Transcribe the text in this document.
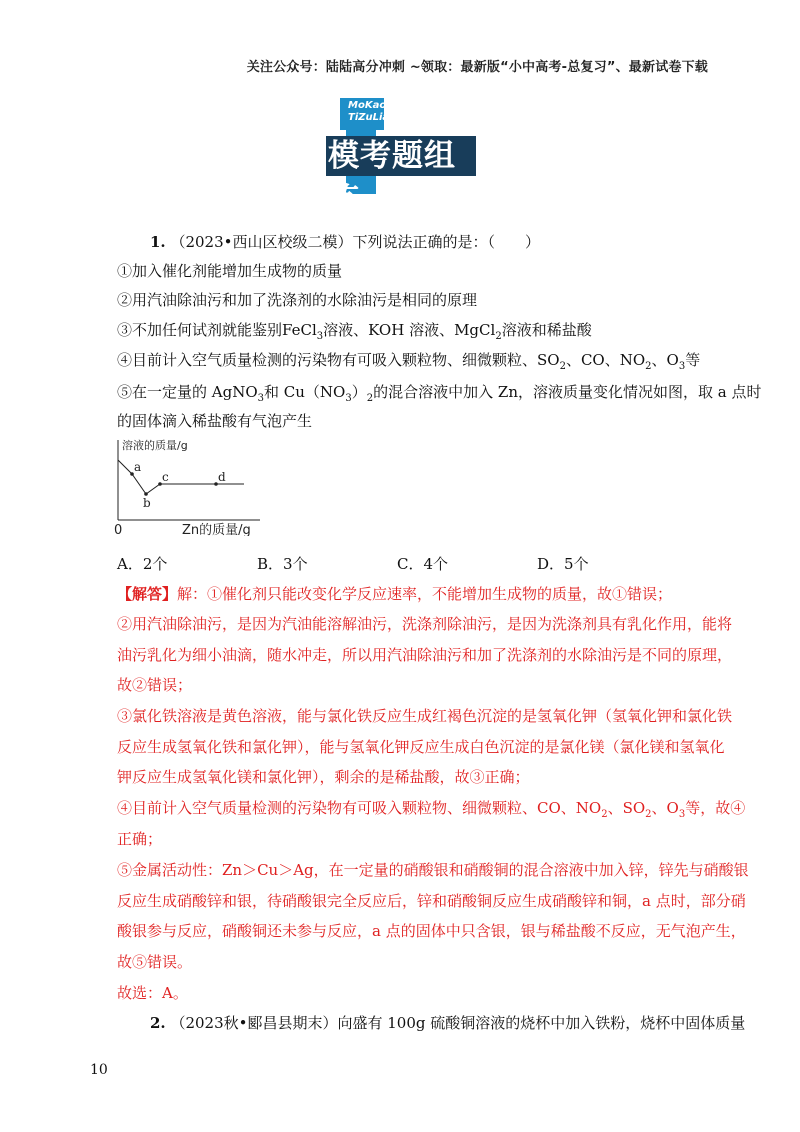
关注公众号：陆陆高分冲刺 ~领取：最新版“小中高考-总复习”、最新试卷下载
MoKao
TiZuLian
模考题组练
1. （2023•西山区校级二模）下列说法正确的是：（　　）
①加入催化剂能增加生成物的质量
②用汽油除油污和加了洗涤剂的水除油污是相同的原理
③不加任何试剂就能鉴别FeCl$_3$溶液、KOH 溶液、MgCl$_2$溶液和稀盐酸
④目前计入空气质量检测的污染物有可吸入颗粒物、细微颗粒、$SO_2$、CO、$NO_2$、$O_3$等
⑤在一定量的 AgNO$_3$和 $Cu(NO_3)_2$的混合溶液中加入 Zn，溶液质量变化情况如图，取 a 点时
的固体滴入稀盐酸有气泡产生
溶液的质量/g
Zn的质量/g
0
a
b
c	d
A．2个	B．3个	C．4个	D．5个
【解答】解：①催化剂只能改变化学反应速率，不能增加生成物的质量，故①错误；
②用汽油除油污，是因为汽油能溶解油污，洗涤剂除油污，是因为洗涤剂具有乳化作用，能将
油污乳化为细小油滴，随水冲走，所以用汽油除油污和加了洗涤剂的水除油污是不同的原理，
故②错误；
③氯化铁溶液是黄色溶液，能与氯化铁反应生成红褐色沉淀的是氢氧化钾（氢氧化钾和氯化铁
反应生成氢氧化铁和氯化钾），能与氢氧化钾反应生成白色沉淀的是氯化镁（氯化镁和氢氧化
钾反应生成氢氧化镁和氯化钾），剩余的是稀盐酸，故③正确；
④目前计入空气质量检测的污染物有可吸入颗粒物、细微颗粒、CO、$NO_2$、$SO_2$、$O_3$等，故④
正确；
⑤金属活动性：Zn＞Cu＞Ag，在一定量的硝酸银和硝酸铜的混合溶液中加入锌，锌先与硝酸银
反应生成硝酸锌和银，待硝酸银完全反应后，锌和硝酸铜反应生成硝酸锌和铜，a 点时，部分硝
酸银参与反应，硝酸铜还未参与反应，a 点的固体中只含银，银与稀盐酸不反应，无气泡产生，
故⑤错误。
故选：A。
2. （2023秋•郾昌县期末）向盛有 100g 硫酸铜溶液的烧杯中加入铁粉，烧杯中固体质量
10
